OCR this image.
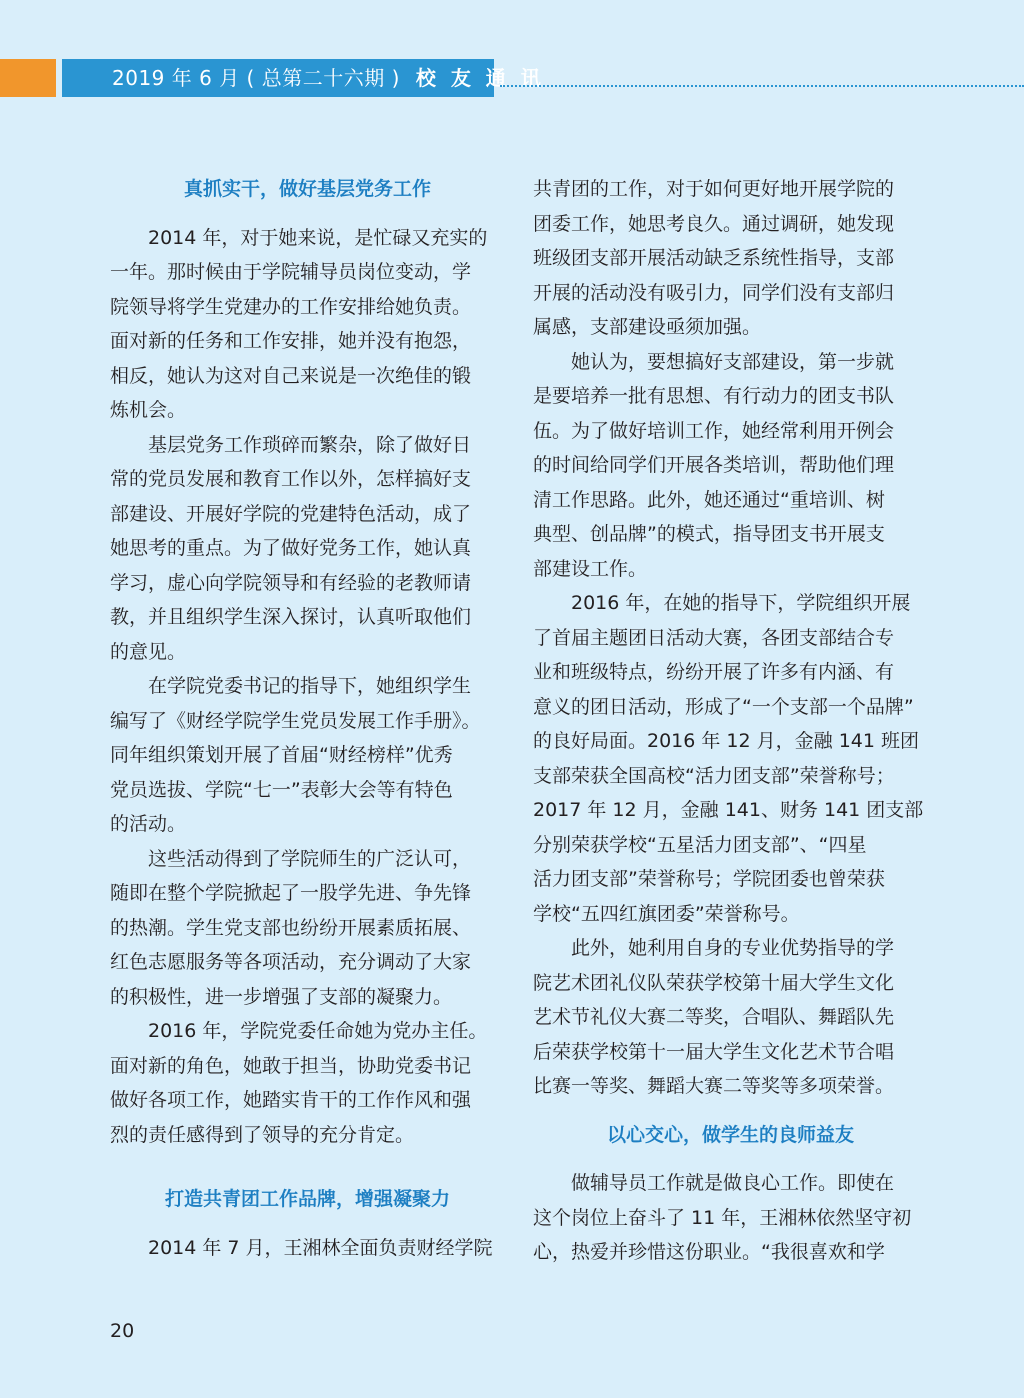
2019 年 6 月 ( 总第二十六期 ) 校 友 通 讯
真抓实干，做好基层党务工作

2014 年，对于她来说，是忙碌又充实的
一年。那时候由于学院辅导员岗位变动，学
院领导将学生党建办的工作安排给她负责。
面对新的任务和工作安排，她并没有抱怨，
相反，她认为这对自己来说是一次绝佳的锻
炼机会。

基层党务工作琐碎而繁杂，除了做好日
常的党员发展和教育工作以外，怎样搞好支
部建设、开展好学院的党建特色活动，成了
她思考的重点。为了做好党务工作，她认真
学习，虚心向学院领导和有经验的老教师请
教，并且组织学生深入探讨，认真听取他们
的意见。

在学院党委书记的指导下，她组织学生
编写了《财经学院学生党员发展工作手册》。
同年组织策划开展了首届“财经榜样”优秀
党员选拔、学院“七一”表彰大会等有特色
的活动。

这些活动得到了学院师生的广泛认可，
随即在整个学院掀起了一股学先进、争先锋
的热潮。学生党支部也纷纷开展素质拓展、
红色志愿服务等各项活动，充分调动了大家
的积极性，进一步增强了支部的凝聚力。

2016 年，学院党委任命她为党办主任。
面对新的角色，她敢于担当，协助党委书记
做好各项工作，她踏实肯干的工作作风和强
烈的责任感得到了领导的充分肯定。

打造共青团工作品牌，增强凝聚力

2014 年 7 月，王湘林全面负责财经学院

共青团的工作，对于如何更好地开展学院的
团委工作，她思考良久。通过调研，她发现
班级团支部开展活动缺乏系统性指导，支部
开展的活动没有吸引力，同学们没有支部归
属感，支部建设亟须加强。

她认为，要想搞好支部建设，第一步就
是要培养一批有思想、有行动力的团支书队
伍。为了做好培训工作，她经常利用开例会
的时间给同学们开展各类培训，帮助他们理
清工作思路。此外，她还通过“重培训、树
典型、创品牌”的模式，指导团支书开展支
部建设工作。

2016 年，在她的指导下，学院组织开展
了首届主题团日活动大赛，各团支部结合专
业和班级特点，纷纷开展了许多有内涵、有
意义的团日活动，形成了“一个支部一个品牌”
的良好局面。2016 年 12 月，金融 141 班团
支部荣获全国高校“活力团支部”荣誉称号；
2017 年 12 月，金融 141、财务 141 团支部
分别荣获学校“五星活力团支部”、“四星
活力团支部”荣誉称号；学院团委也曾荣获
学校“五四红旗团委”荣誉称号。

此外，她利用自身的专业优势指导的学
院艺术团礼仪队荣获学校第十届大学生文化
艺术节礼仪大赛二等奖，合唱队、舞蹈队先
后荣获学校第十一届大学生文化艺术节合唱
比赛一等奖、舞蹈大赛二等奖等多项荣誉。

以心交心，做学生的良师益友

做辅导员工作就是做良心工作。即使在
这个岗位上奋斗了 11 年，王湘林依然坚守初
心，热爱并珍惜这份职业。“我很喜欢和学

20
